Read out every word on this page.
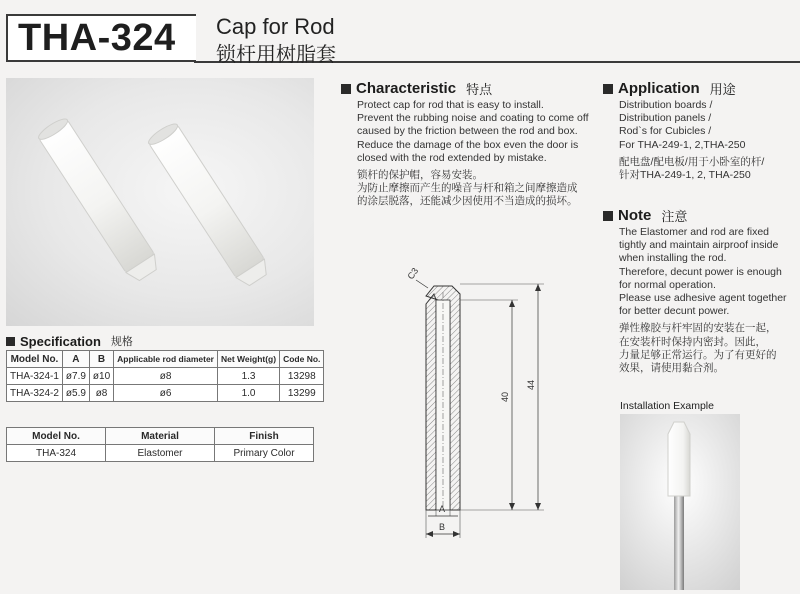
THA-324 Cap for Rod
锁杆用树脂套
Characteristic 特点
Protect cap for rod that is easy to install.
Prevent the rubbing noise and coating to come off
caused by the friction between the rod and box.
Reduce the damage of the box even the door is
closed with the rod extended by mistake.
锁杆的保护帽，容易安装。
为防止摩擦而产生的噪音与杆和箱之间摩擦造成
的涂层脱落，还能减少因使用不当造成的损坏。
Application 用途
Distribution boards /
Distribution panels /
Rod`s for Cubicles /
For THA-249-1, 2,THA-250
配电盘/配电板/用于小卧室的杆/
针对THA-249-1, 2, THA-250
Note 注意
The Elastomer and rod are fixed
tightly and maintain airproof inside
when installing the rod.
Therefore, decunt power is enough
for normal operation.
Please use adhesive agent together
for better decunt power.
弹性橡胶与杆牢固的安装在一起，
在安装杆时保持内密封。因此，
力量足够正常运行。为了有更好的
效果，请使用黏合剂。
Specification 规格
Model No.	A	B	Applicable rod diameter	Net Weight(g)	Code No.
THA-324-1	ø7.9	ø10	ø8	1.3	13298
THA-324-2	ø5.9	ø8	ø6	1.0	13299
Model No.	Material	Finish
THA-324	Elastomer	Primary Color
C3
40
44
A
B
Installation Example
